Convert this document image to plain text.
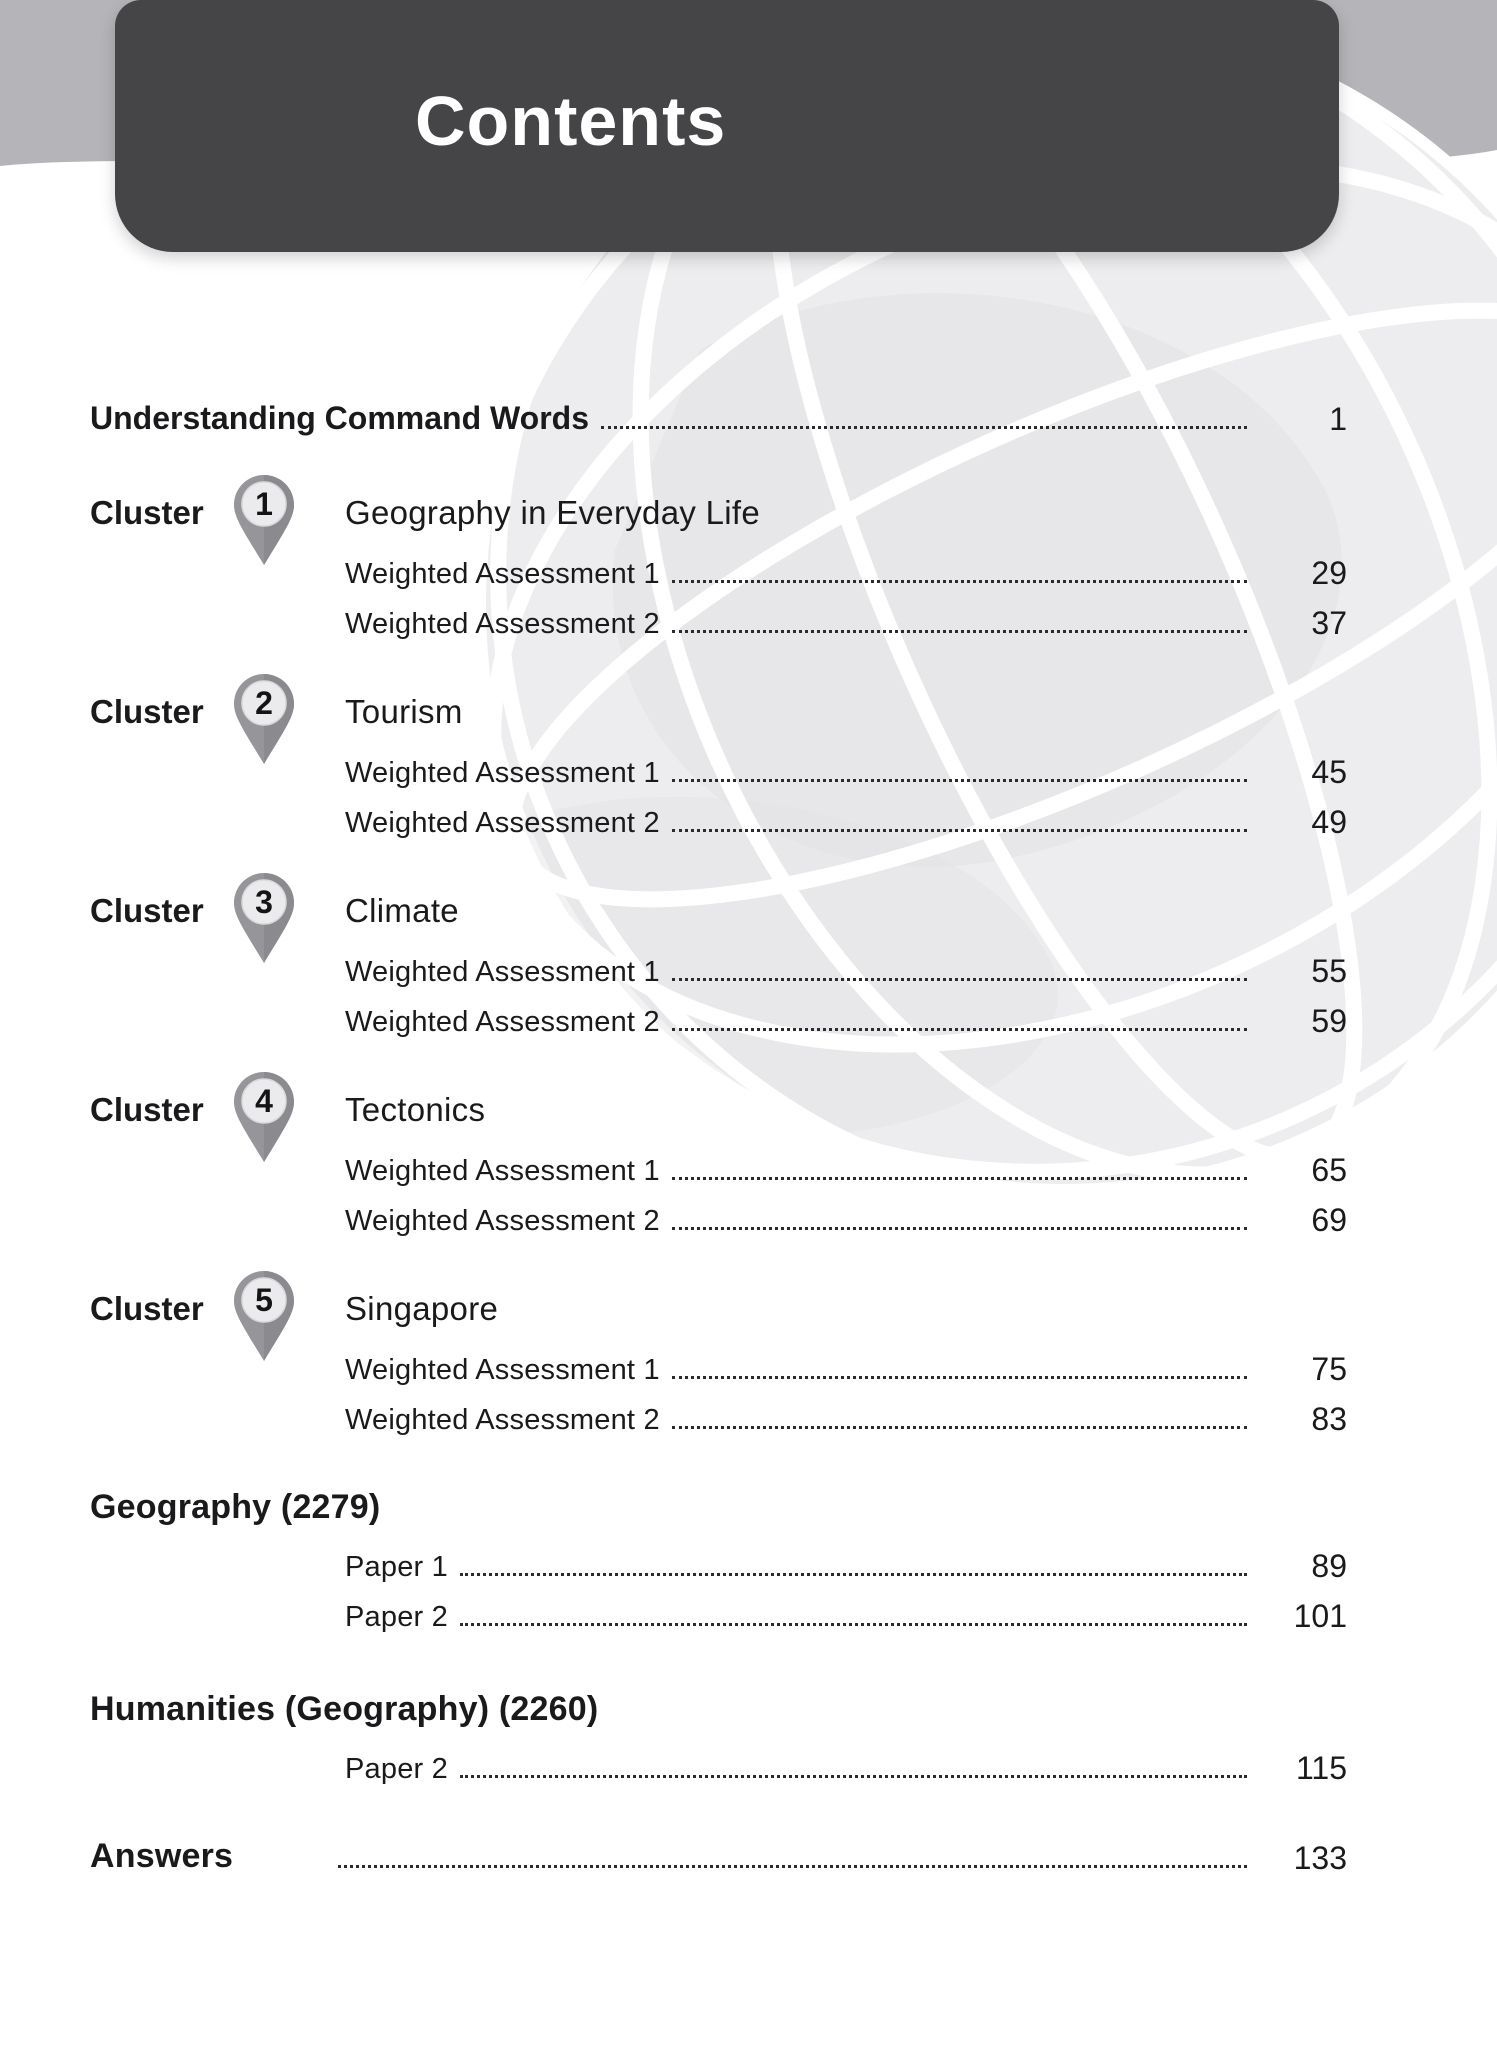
Contents
Understanding Command Words	1
Cluster	1	Geography in Everyday Life
Weighted Assessment 1	29
Weighted Assessment 2	37
Cluster	2	Tourism
Weighted Assessment 1	45
Weighted Assessment 2	49
Cluster	3	Climate
Weighted Assessment 1	55
Weighted Assessment 2	59
Cluster	4	Tectonics
Weighted Assessment 1	65
Weighted Assessment 2	69
Cluster	5	Singapore
Weighted Assessment 1	75
Weighted Assessment 2	83
Geography (2279)
Paper 1	89
Paper 2	101
Humanities (Geography) (2260)
Paper 2	115
Answers	133
